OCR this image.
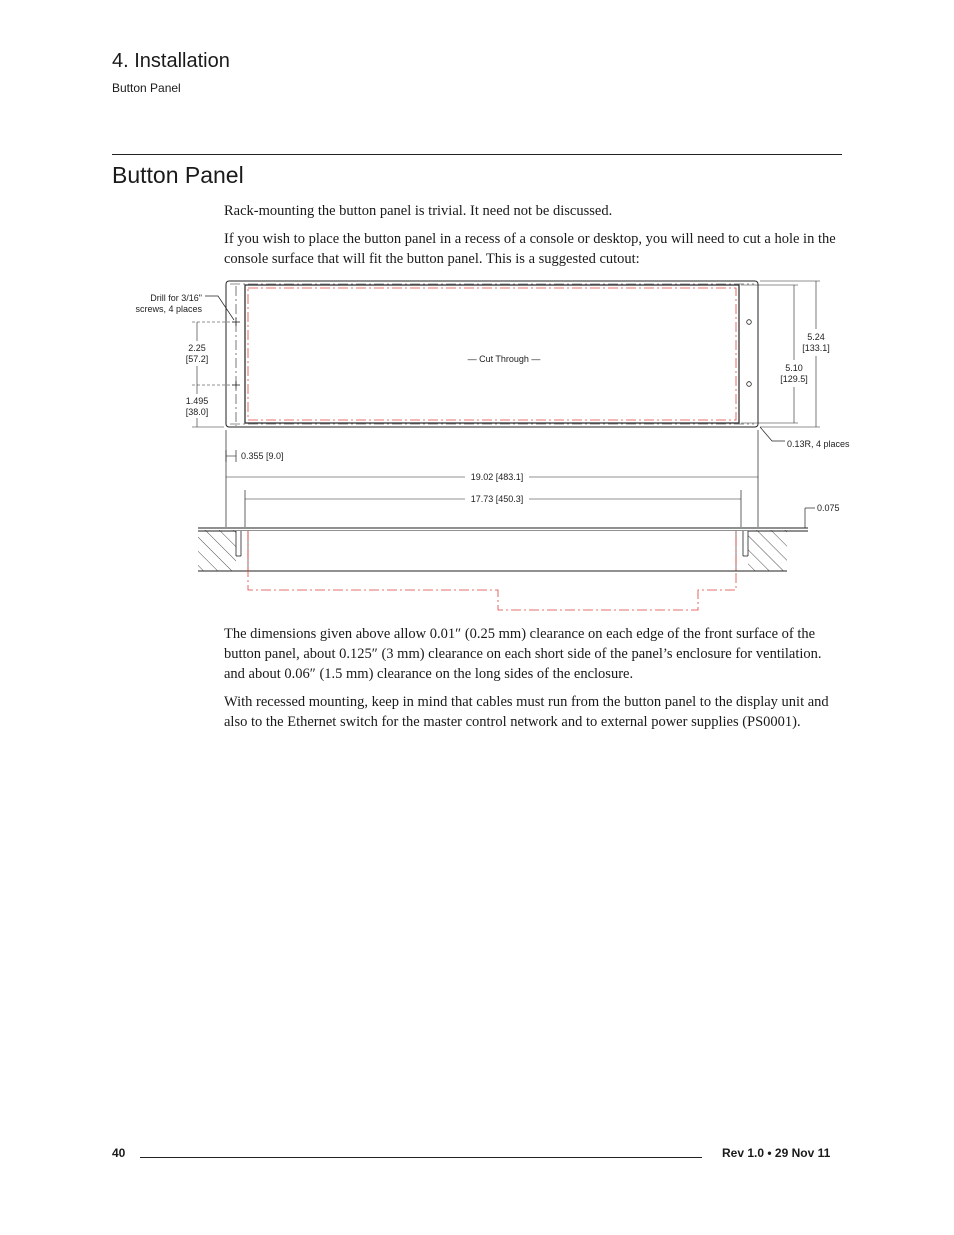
4. Installation
Button Panel
Button Panel

Rack-mounting the button panel is trivial. It need not be discussed.

If you wish to place the button panel in a recess of a console or desktop, you will need to cut a hole in the console surface that will fit the button panel. This is a suggested cutout:

Drill for 3/16"
screws, 4 places
— Cut Through —
2.25
[57.2]
1.495
[38.0]
0.355 [9.0]
5.24
[133.1]
5.10
[129.5]
0.13R, 4 places
19.02 [483.1]
17.73 [450.3]
0.075

The dimensions given above allow 0.01″ (0.25 mm) clearance on each edge of the front surface of the button panel, about 0.125″ (3 mm) clearance on each short side of the panel’s enclosure for ventilation. and about 0.06″ (1.5 mm) clearance on the long sides of the enclosure.

With recessed mounting, keep in mind that cables must run from the button panel to the display unit and also to the Ethernet switch for the master control network and to external power supplies (PS0001).

40	Rev 1.0 • 29 Nov 11
